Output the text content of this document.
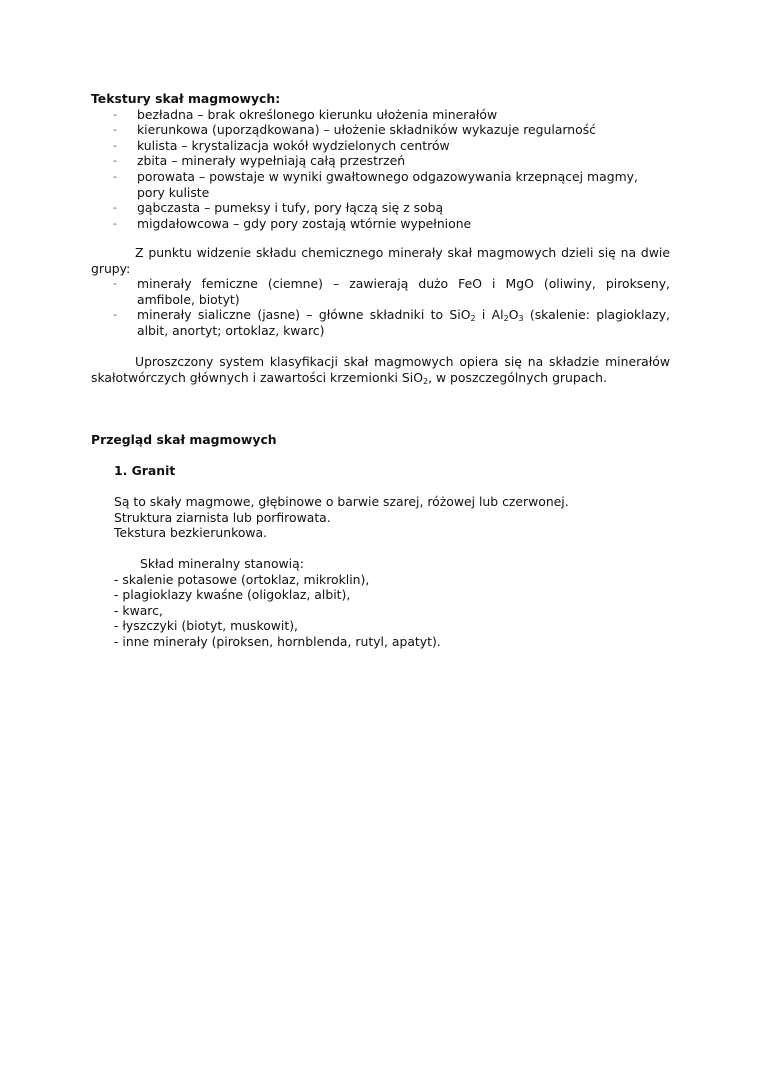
Tekstury skał magmowych:
- bezładna – brak określonego kierunku ułożenia minerałów
- kierunkowa (uporządkowana) – ułożenie składników wykazuje regularność
- kulista – krystalizacja wokół wydzielonych centrów
- zbita – minerały wypełniają całą przestrzeń
- porowata – powstaje w wyniki gwałtownego odgazowywania krzepnącej magmy,
pory kuliste
- gąbczasta – pumeksy i tufy, pory łączą się z sobą
- migdałowcowa – gdy pory zostają wtórnie wypełnione
Z punktu widzenie składu chemicznego minerały skał magmowych dzieli się na dwie grupy:
- minerały femiczne (ciemne) – zawierają dużo FeO i MgO (oliwiny, pirokseny,
amfibole, biotyt)
- minerały sialiczne (jasne) – główne składniki to SiO$_2$ i $Al_2O_3$ (skalenie: plagioklazy,
albit, anortyt; ortoklaz, kwarc)
Uproszczony system klasyfikacji skał magmowych opiera się na składzie minerałów skałotwórczych głównych i zawartości krzemionki SiO$_2$, w poszczególnych grupach.
Przegląd skał magmowych
1. Granit
Są to skały magmowe, głębinowe o barwie szarej, różowej lub czerwonej.
Struktura ziarnista lub porfirowata.
Tekstura bezkierunkowa.
Skład mineralny stanowią:
- skalenie potasowe (ortoklaz, mikroklin),
- plagioklazy kwaśne (oligoklaz, albit),
- kwarc,
- łyszczyki (biotyt, muskowit),
- inne minerały (piroksen, hornblenda, rutyl, apatyt).
